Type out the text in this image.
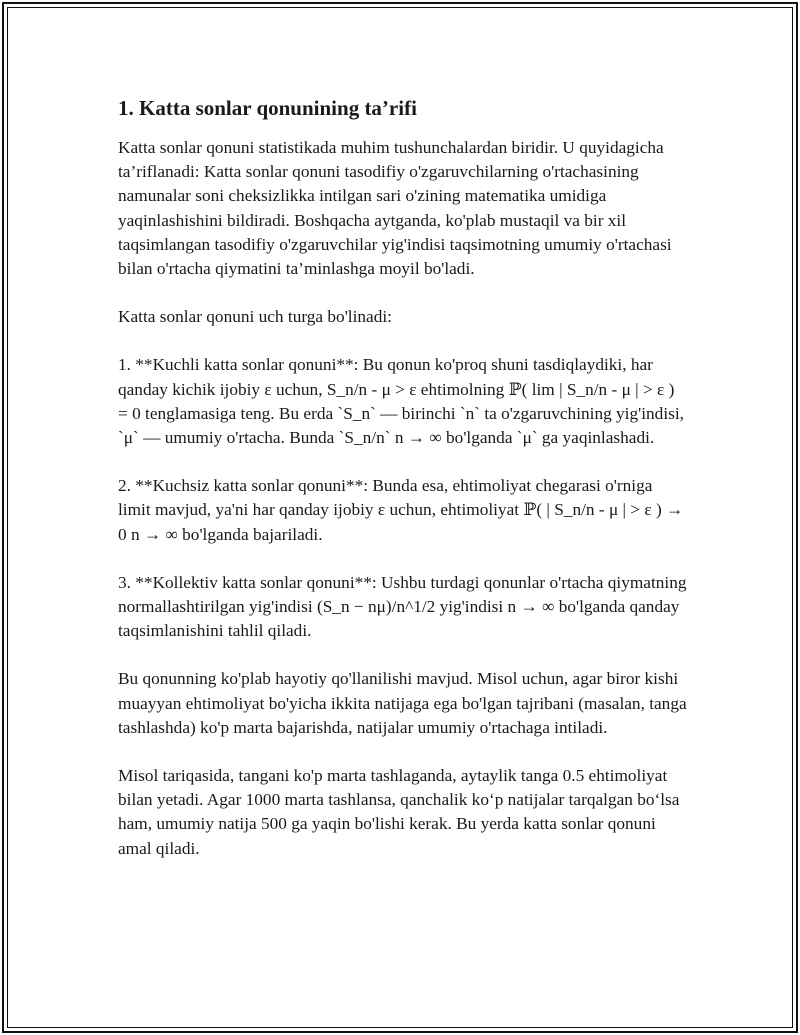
1. Katta sonlar qonunining ta’rifi

Katta sonlar qonuni statistikada muhim tushunchalardan biridir. U quyidagicha ta’riflanadi: Katta sonlar qonuni tasodifiy o'zgaruvchilarning o'rtachasining namunalar soni cheksizlikka intilgan sari o'zining matematika umidiga yaqinlashishini bildiradi. Boshqacha aytganda, ko'plab mustaqil va bir xil taqsimlangan tasodifiy o'zgaruvchilar yig'indisi taqsimotning umumiy o'rtachasi bilan o'rtacha qiymatini ta’minlashga moyil bo'ladi.

Katta sonlar qonuni uch turga bo'linadi:

1. **Kuchli katta sonlar qonuni**: Bu qonun ko'proq shuni tasdiqlaydiki, har qanday kichik ijobiy ε uchun, S_n/n - μ > ε ehtimolning ℙ( lim | S_n/n - μ | > ε ) = 0 tenglamasiga teng. Bu erda `S_n` — birinchi `n` ta o'zgaruvchining yig'indisi, `μ` — umumiy o'rtacha. Bunda `S_n/n` n → ∞ bo'lganda `μ` ga yaqinlashadi.

2. **Kuchsiz katta sonlar qonuni**: Bunda esa, ehtimoliyat chegarasi o'rniga limit mavjud, ya'ni har qanday ijobiy ε uchun, ehtimoliyat ℙ( | S_n/n - μ | > ε ) → 0 n → ∞ bo'lganda bajariladi.

3. **Kollektiv katta sonlar qonuni**: Ushbu turdagi qonunlar o'rtacha qiymatning normallashtirilgan yig'indisi (S_n − nμ)/n^1/2 yig'indisi n → ∞ bo'lganda qanday taqsimlanishini tahlil qiladi.

Bu qonunning ko'plab hayotiy qo'llanilishi mavjud. Misol uchun, agar biror kishi muayyan ehtimoliyat bo'yicha ikkita natijaga ega bo'lgan tajribani (masalan, tanga tashlashda) ko'p marta bajarishda, natijalar umumiy o'rtachaga intiladi.

Misol tariqasida, tangani ko'p marta tashlaganda, aytaylik tanga 0.5 ehtimoliyat bilan yetadi. Agar 1000 marta tashlansa, qanchalik ko‘p natijalar tarqalgan bo‘lsa ham, umumiy natija 500 ga yaqin bo'lishi kerak. Bu yerda katta sonlar qonuni amal qiladi.
